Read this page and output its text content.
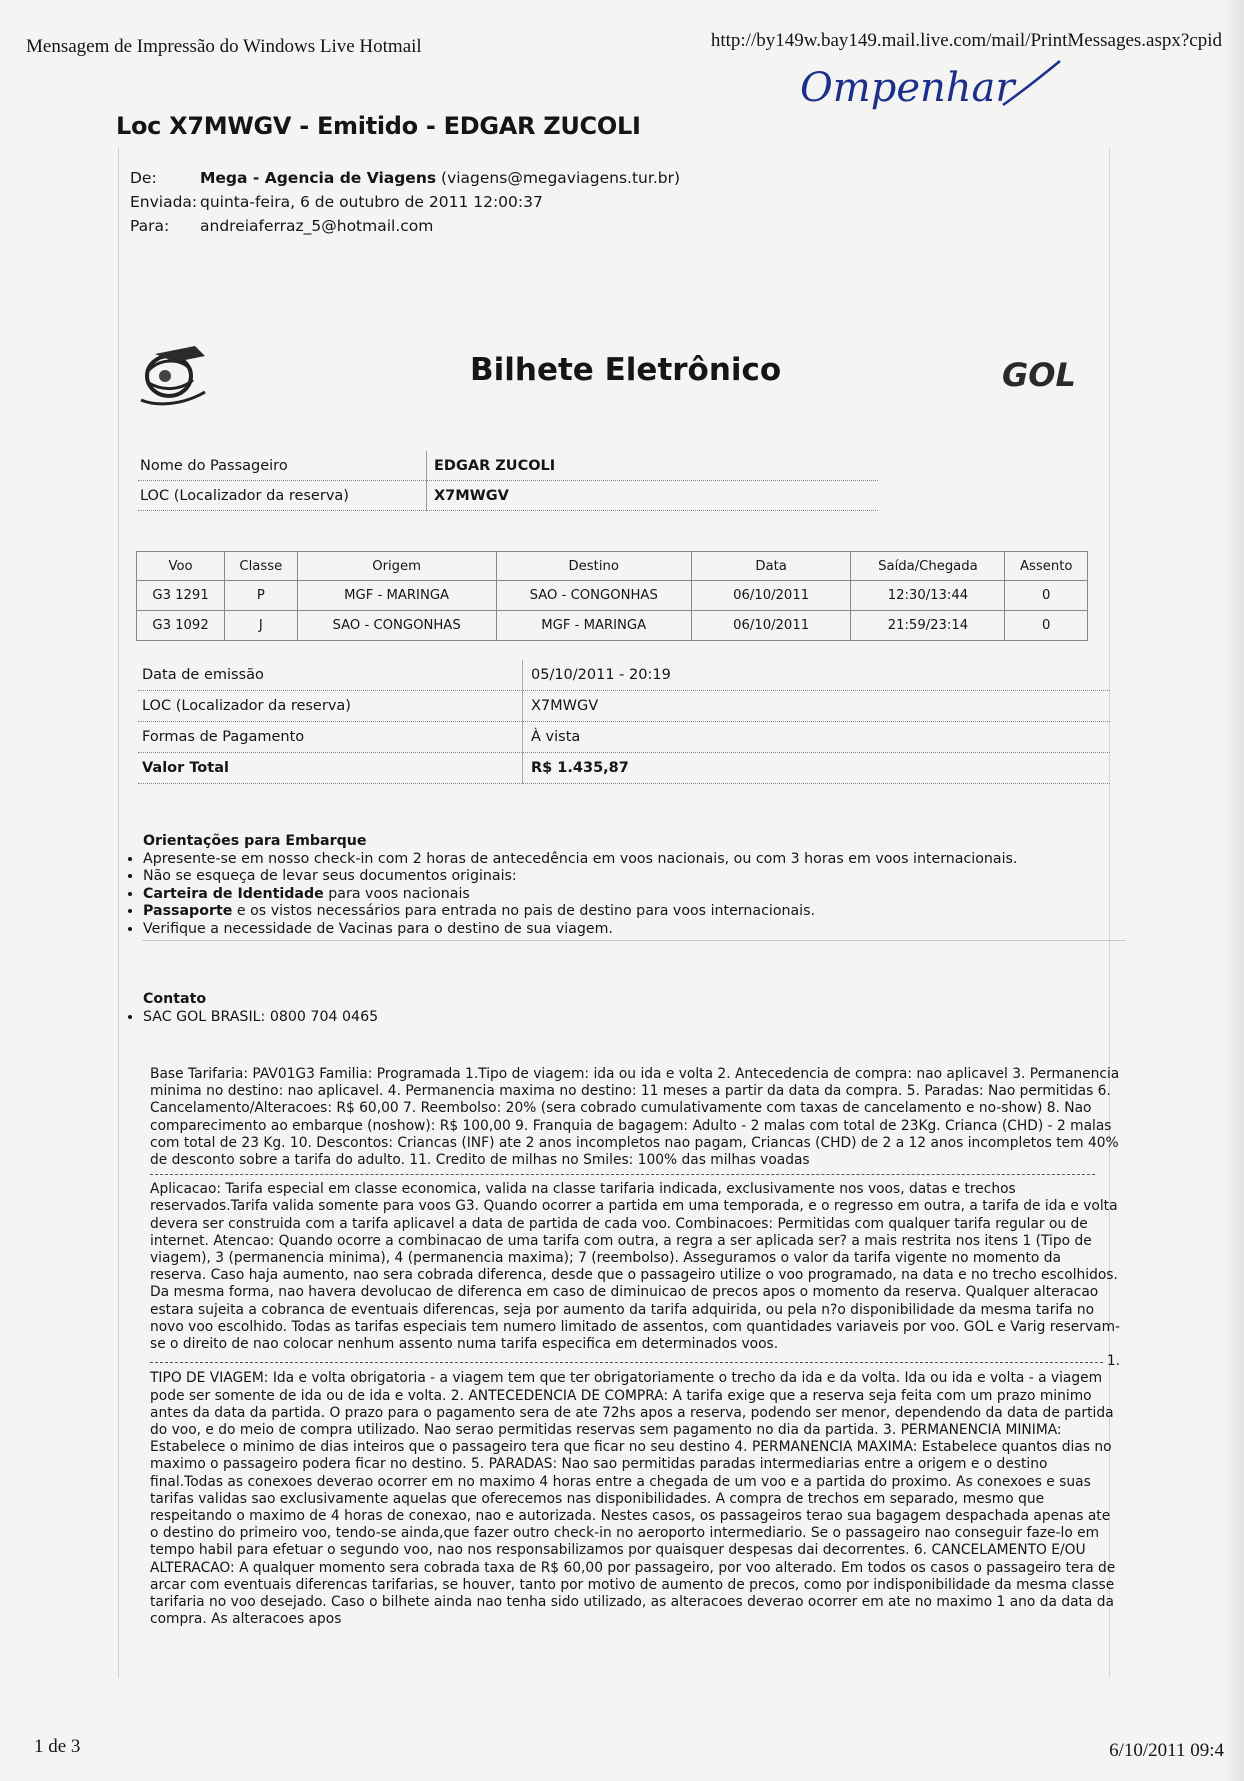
Mensagem de Impressão do Windows Live Hotmail	http://by149w.bay149.mail.live.com/mail/PrintMessages.aspx?cpid
Ompenhar
Loc X7MWGV - Emitido - EDGAR ZUCOLI
De:	Mega - Agencia de Viagens (viagens@megaviagens.tur.br)
Enviada: quinta-feira, 6 de outubro de 2011 12:00:37
Para:	andreiaferraz_5@hotmail.com
Bilhete Eletrônico	GOL
Nome do Passageiro	EDGAR ZUCOLI
LOC (Localizador da reserva)	X7MWGV
Voo	Classe	Origem	Destino	Data	Saída/Chegada	Assento
G3 1291	P	MGF - MARINGA	SAO - CONGONHAS	06/10/2011	12:30/13:44	0
G3 1092	J	SAO - CONGONHAS	MGF - MARINGA	06/10/2011	21:59/23:14	0
Data de emissão	05/10/2011 - 20:19
LOC (Localizador da reserva)	X7MWGV
Formas de Pagamento	À vista
Valor Total	R$ 1.435,87
Orientações para Embarque
• Apresente-se em nosso check-in com 2 horas de antecedência em voos nacionais, ou com 3 horas em voos internacionais.
• Não se esqueça de levar seus documentos originais:
• Carteira de Identidade para voos nacionais
• Passaporte e os vistos necessários para entrada no pais de destino para voos internacionais.
• Verifique a necessidade de Vacinas para o destino de sua viagem.
Contato
• SAC GOL BRASIL: 0800 704 0465

Base Tarifaria: PAV01G3 Familia: Programada 1.Tipo de viagem: ida ou ida e volta 2. Antecedencia de compra: nao aplicavel 3. Permanencia minima no destino: nao aplicavel. 4. Permanencia maxima no destino: 11 meses a partir da data da compra. 5. Paradas: Nao permitidas 6. Cancelamento/Alteracoes: R$ 60,00 7. Reembolso: 20% (sera cobrado cumulativamente com taxas de cancelamento e no-show) 8. Nao comparecimento ao embarque (noshow): R$ 100,00 9. Franquia de bagagem: Adulto - 2 malas com total de 23Kg. Crianca (CHD) - 2 malas com total de 23 Kg. 10. Descontos: Criancas (INF) ate 2 anos incompletos nao pagam, Criancas (CHD) de 2 a 12 anos incompletos tem 40% de desconto sobre a tarifa do adulto. 11. Credito de milhas no Smiles: 100% das milhas voadas

Aplicacao: Tarifa especial em classe economica, valida na classe tarifaria indicada, exclusivamente nos voos, datas e trechos reservados.Tarifa valida somente para voos G3. Quando ocorrer a partida em uma temporada, e o regresso em outra, a tarifa de ida e volta devera ser construida com a tarifa aplicavel a data de partida de cada voo. Combinacoes: Permitidas com qualquer tarifa regular ou de internet. Atencao: Quando ocorre a combinacao de uma tarifa com outra, a regra a ser aplicada ser? a mais restrita nos itens 1 (Tipo de viagem), 3 (permanencia minima), 4 (permanencia maxima); 7 (reembolso). Asseguramos o valor da tarifa vigente no momento da reserva. Caso haja aumento, nao sera cobrada diferenca, desde que o passageiro utilize o voo programado, na data e no trecho escolhidos. Da mesma forma, nao havera devolucao de diferenca em caso de diminuicao de precos apos o momento da reserva. Qualquer alteracao estara sujeita a cobranca de eventuais diferencas, seja por aumento da tarifa adquirida, ou pela n?o disponibilidade da mesma tarifa no novo voo escolhido. Todas as tarifas especiais tem numero limitado de assentos, com quantidades variaveis por voo. GOL e Varig reservam-se o direito de nao colocar nenhum assento numa tarifa especifica em determinados voos.

1.

TIPO DE VIAGEM: Ida e volta obrigatoria - a viagem tem que ter obrigatoriamente o trecho da ida e da volta. Ida ou ida e volta - a viagem pode ser somente de ida ou de ida e volta. 2. ANTECEDENCIA DE COMPRA: A tarifa exige que a reserva seja feita com um prazo minimo antes da data da partida. O prazo para o pagamento sera de ate 72hs apos a reserva, podendo ser menor, dependendo da data de partida do voo, e do meio de compra utilizado. Nao serao permitidas reservas sem pagamento no dia da partida. 3. PERMANENCIA MINIMA: Estabelece o minimo de dias inteiros que o passageiro tera que ficar no seu destino 4. PERMANENCIA MAXIMA: Estabelece quantos dias no maximo o passageiro podera ficar no destino. 5. PARADAS: Nao sao permitidas paradas intermediarias entre a origem e o destino final.Todas as conexoes deverao ocorrer em no maximo 4 horas entre a chegada de um voo e a partida do proximo. As conexoes e suas tarifas validas sao exclusivamente aquelas que oferecemos nas disponibilidades. A compra de trechos em separado, mesmo que respeitando o maximo de 4 horas de conexao, nao e autorizada. Nestes casos, os passageiros terao sua bagagem despachada apenas ate o destino do primeiro voo, tendo-se ainda,que fazer outro check-in no aeroporto intermediario. Se o passageiro nao conseguir faze-lo em tempo habil para efetuar o segundo voo, nao nos responsabilizamos por quaisquer despesas dai decorrentes. 6. CANCELAMENTO E/OU ALTERACAO: A qualquer momento sera cobrada taxa de R$ 60,00 por passageiro, por voo alterado. Em todos os casos o passageiro tera de arcar com eventuais diferencas tarifarias, se houver, tanto por motivo de aumento de precos, como por indisponibilidade da mesma classe tarifaria no voo desejado. Caso o bilhete ainda nao tenha sido utilizado, as alteracoes deverao ocorrer em ate no maximo 1 ano da data da compra. As alteracoes apos

1 de 3	6/10/2011 09:4
